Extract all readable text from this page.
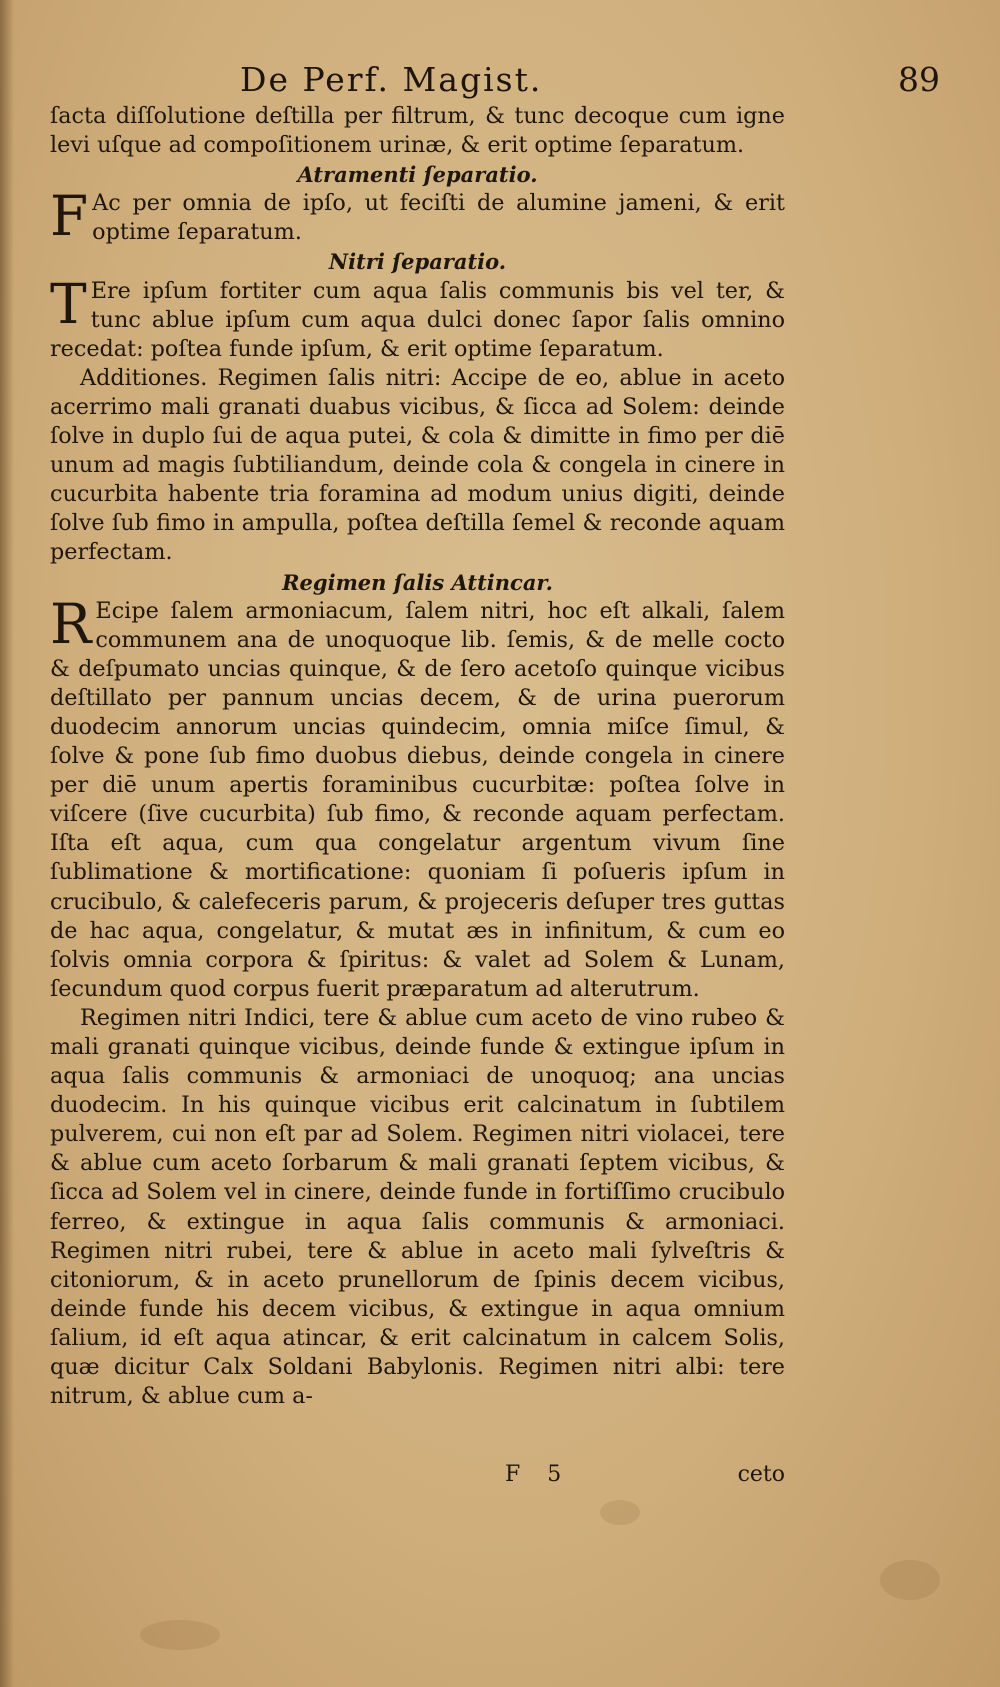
De Perf. Magist.	89

ſacta diſſolutione deſtilla per filtrum, & tunc decoque cum igne levi uſque ad compoſitionem urinæ, & erit optime ſeparatum.

Atramenti ſeparatio.

F Ac per omnia de ipſo, ut feciſti de alumine jameni, & erit optime ſeparatum.

Nitri ſeparatio.

T Ere ipſum fortiter cum aqua ſalis communis bis vel ter, & tunc ablue ipſum cum aqua dulci donec ſapor ſalis omnino recedat: poſtea funde ipſum, & erit optime ſeparatum.

Additiones. Regimen ſalis nitri: Accipe de eo, ablue in aceto acerrimo mali granati duabus vicibus, & ſicca ad Solem: deinde ſolve in duplo ſui de aqua putei, & cola & dimitte in fimo per diē unum ad magis ſubtiliandum, deinde cola & congela in cinere in cucurbita habente tria foramina ad modum unius digiti, deinde ſolve ſub fimo in ampulla, poſtea deſtilla ſemel & reconde aquam perfectam.

Regimen ſalis Attincar.

R Ecipe ſalem armoniacum, ſalem nitri, hoc eſt alkali, ſalem communem ana de unoquoque lib. ſemis, & de melle cocto & deſpumato uncias quinque, & de ſero acetoſo quinque vicibus deſtillato per pannum uncias decem, & de urina puerorum duodecim annorum uncias quindecim, omnia miſce ſimul, & ſolve & pone ſub fimo duobus diebus, deinde congela in cinere per diē unum apertis foraminibus cucurbitæ: poſtea ſolve in viſcere (ſive cucurbita) ſub fimo, & reconde aquam perfectam. Iſta eſt aqua, cum qua congelatur argentum vivum ſine ſublimatione & mortificatione: quoniam ſi poſueris ipſum in crucibulo, & calefeceris parum, & projeceris deſuper tres guttas de hac aqua, congelatur, & mutat æs in infinitum, & cum eo ſolvis omnia corpora & ſpiritus: & valet ad Solem & Lunam, ſecundum quod corpus fuerit præparatum ad alterutrum.

Regimen nitri Indici, tere & ablue cum aceto de vino rubeo & mali granati quinque vicibus, deinde funde & extingue ipſum in aqua ſalis communis & armoniaci de unoquoq; ana uncias duodecim. In his quinque vicibus erit calcinatum in ſubtilem pulverem, cui non eſt par ad Solem. Regimen nitri violacei, tere & ablue cum aceto ſorbarum & mali granati ſeptem vicibus, & ſicca ad Solem vel in cinere, deinde funde in fortiſſimo crucibulo ferreo, & extingue in aqua ſalis communis & armoniaci. Regimen nitri rubei, tere & ablue in aceto mali ſylveſtris & citoniorum, & in aceto prunellorum de ſpinis decem vicibus, deinde funde his decem vicibus, & extingue in aqua omnium ſalium, id eſt aqua atincar, & erit calcinatum in calcem Solis, quæ dicitur Calx Soldani Babylonis. Regimen nitri albi: tere nitrum, & ablue cum a-

F 5	ceto
